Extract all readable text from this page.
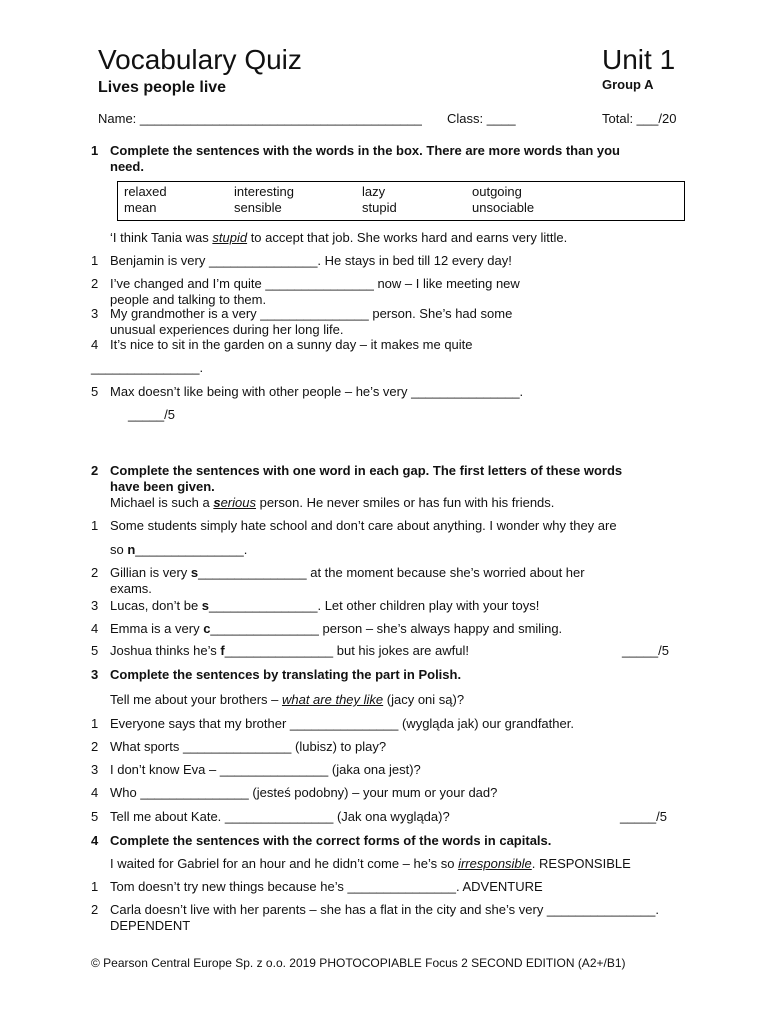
Vocabulary Quiz
Lives people live
Unit 1
Group A
Name: _______________________________________ Class: ____	Total: ___/20
1 Complete the sentences with the words in the box. There are more words than you
need.
relaxed	interesting	lazy	outgoing
mean	sensible	stupid	unsociable
‘I think Tania was stupid to accept that job. She works hard and earns very little.
1 Benjamin is very _______________. He stays in bed till 12 every day!
2 I’ve changed and I’m quite _______________ now – I like meeting new
people and talking to them.
3 My grandmother is a very _______________ person. She’s had some
unusual experiences during her long life.
4 It’s nice to sit in the garden on a sunny day – it makes me quite
_______________.
5 Max doesn’t like being with other people – he’s very _______________.
_____/5
2 Complete the sentences with one word in each gap. The first letters of these words
have been given.
Michael is such a serious person. He never smiles or has fun with his friends.
1 Some students simply hate school and don’t care about anything. I wonder why they are
so n_______________.
2 Gillian is very s_______________ at the moment because she’s worried about her
exams.
3 Lucas, don’t be s_______________. Let other children play with your toys!
4 Emma is a very c_______________ person – she’s always happy and smiling.
5 Joshua thinks he’s f_______________ but his jokes are awful!	_____/5
3 Complete the sentences by translating the part in Polish.
Tell me about your brothers – what are they like (jacy oni są)?
1 Everyone says that my brother _______________ (wygląda jak) our grandfather.
2 What sports _______________ (lubisz) to play?
3 I don’t know Eva – _______________ (jaka ona jest)?
4 Who _______________ (jesteś podobny) – your mum or your dad?
5 Tell me about Kate. _______________ (Jak ona wygląda)?	_____/5
4 Complete the sentences with the correct forms of the words in capitals.
I waited for Gabriel for an hour and he didn’t come – he’s so irresponsible. RESPONSIBLE
1 Tom doesn’t try new things because he’s _______________. ADVENTURE
2 Carla doesn’t live with her parents – she has a flat in the city and she’s very _______________.
DEPENDENT
© Pearson Central Europe Sp. z o.o. 2019 PHOTOCOPIABLE Focus 2 SECOND EDITION (A2+/B1)
